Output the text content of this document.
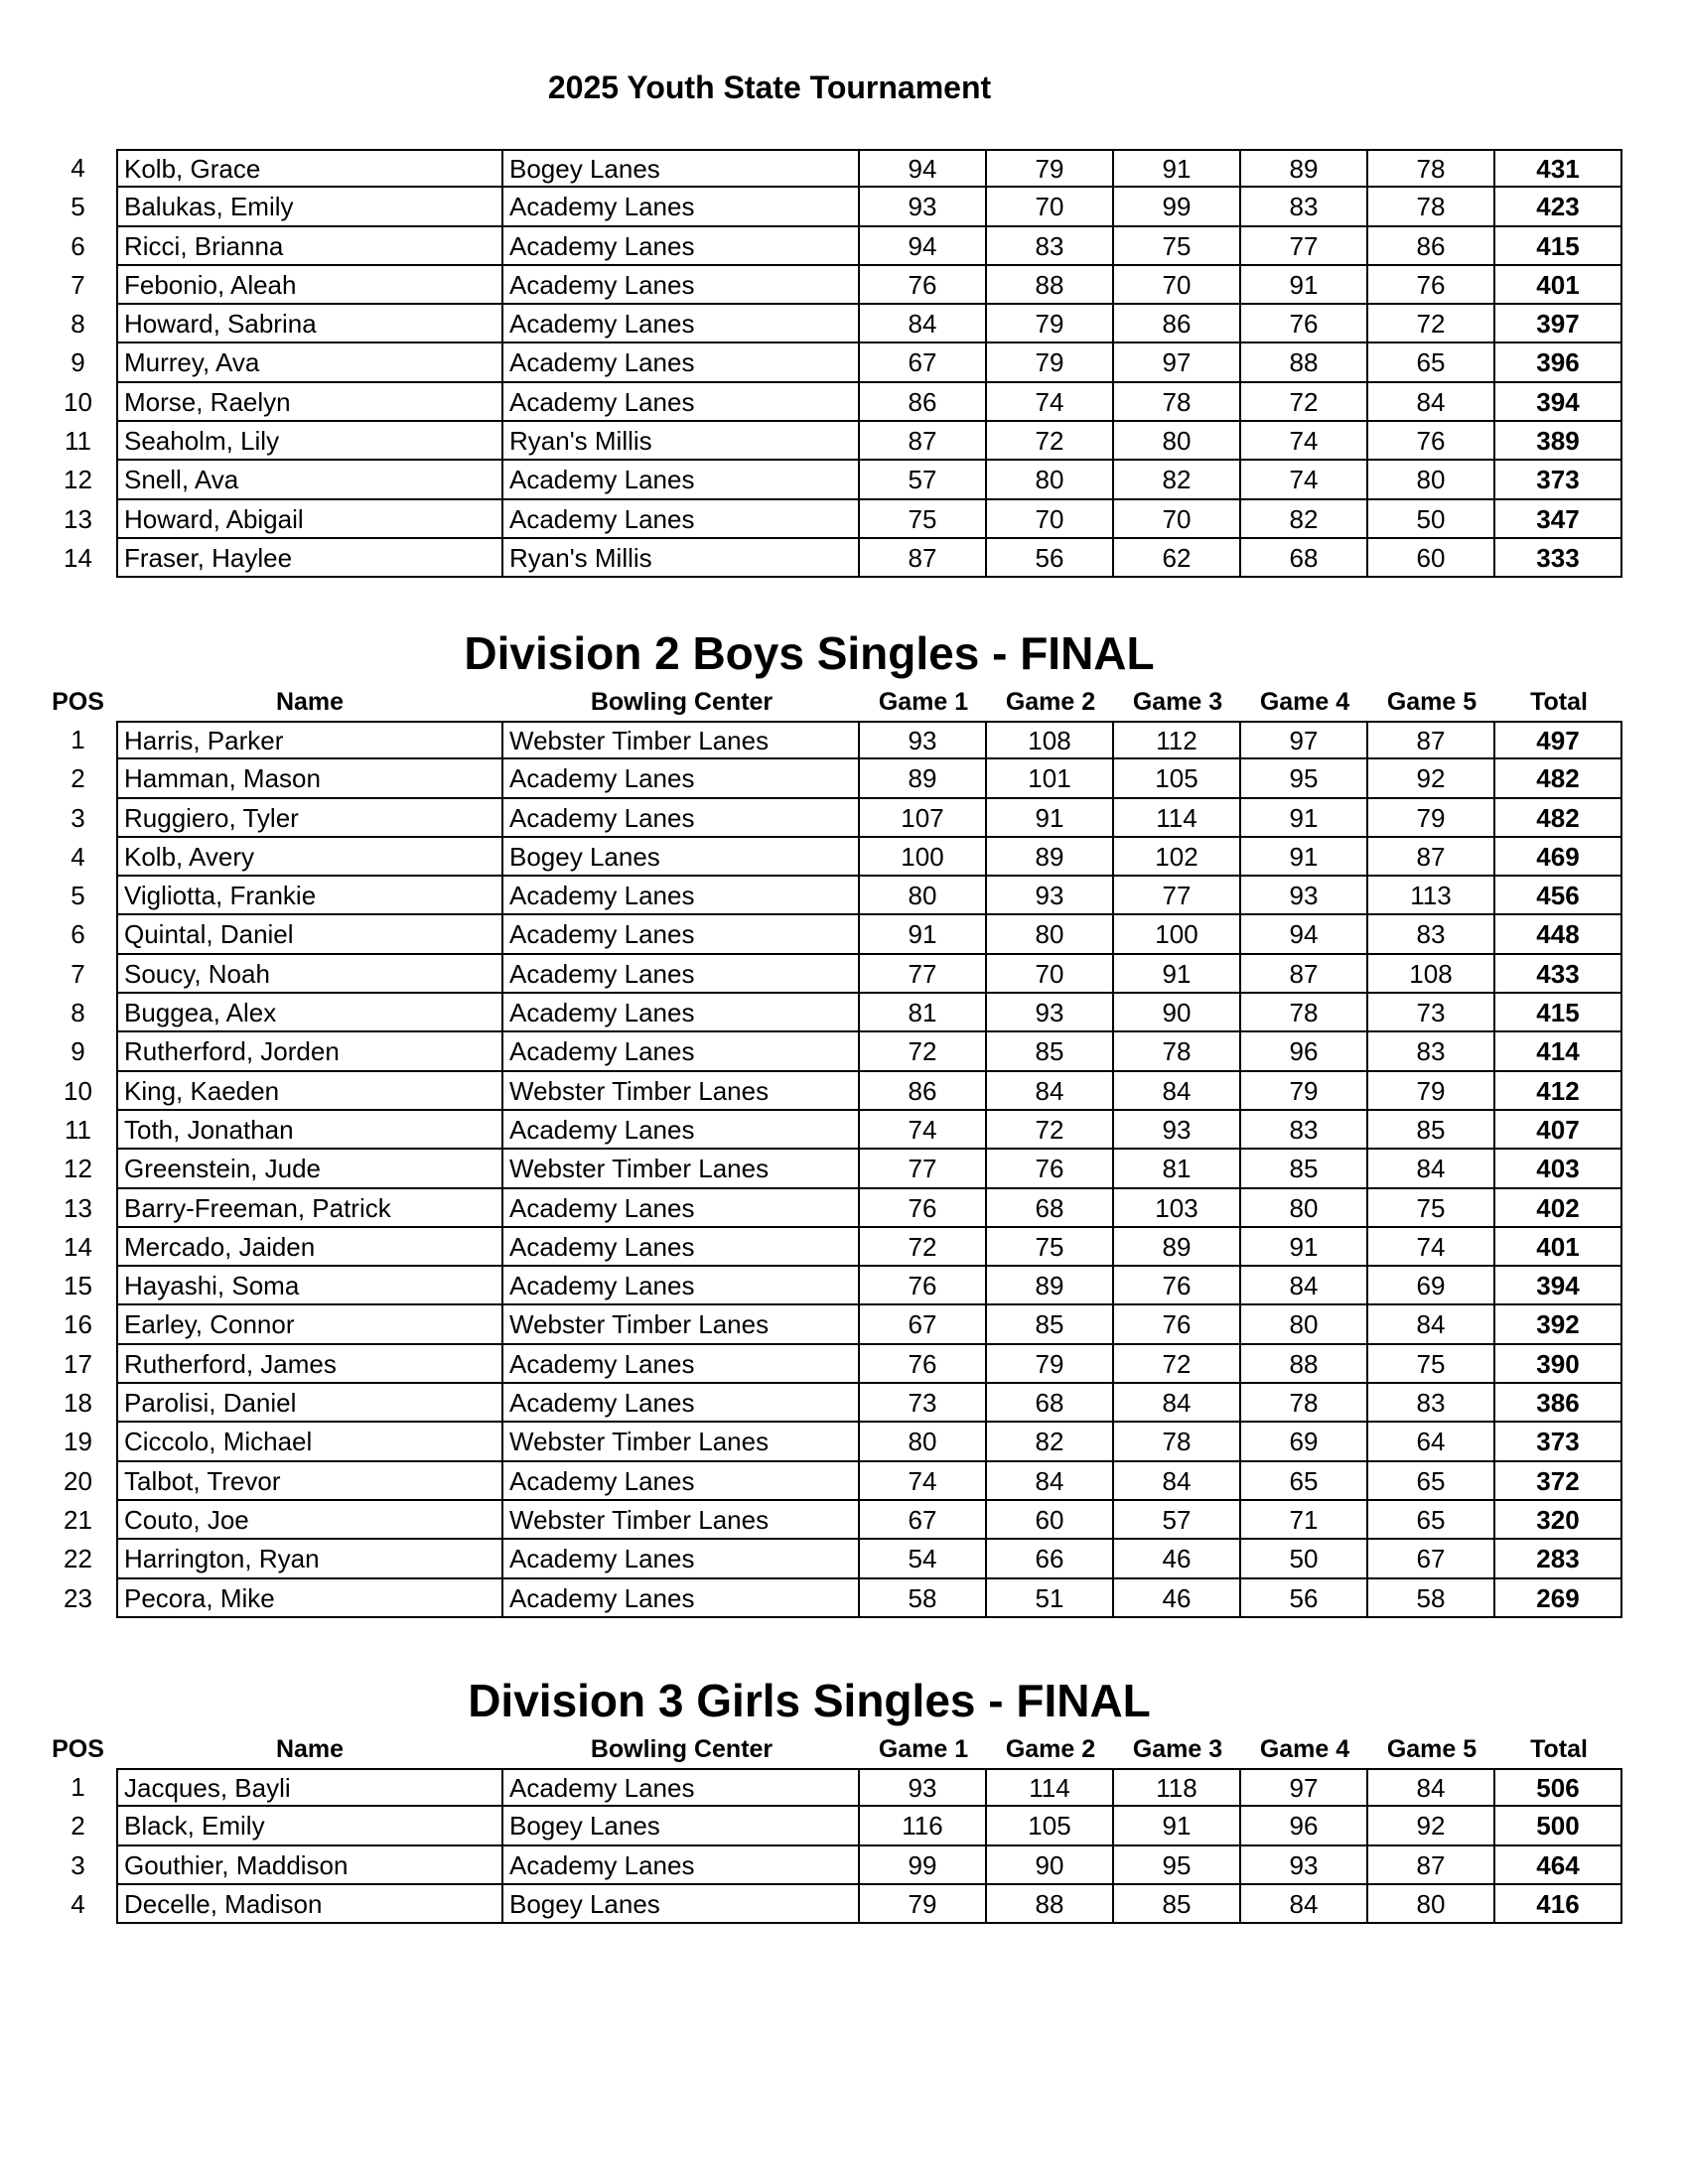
2025 Youth State Tournament
4	Kolb, Grace	Bogey Lanes	94	79	91	89	78	431
5	Balukas, Emily	Academy Lanes	93	70	99	83	78	423
6	Ricci, Brianna	Academy Lanes	94	83	75	77	86	415
7	Febonio, Aleah	Academy Lanes	76	88	70	91	76	401
8	Howard, Sabrina	Academy Lanes	84	79	86	76	72	397
9	Murrey, Ava	Academy Lanes	67	79	97	88	65	396
10	Morse, Raelyn	Academy Lanes	86	74	78	72	84	394
11	Seaholm, Lily	Ryan's Millis	87	72	80	74	76	389
12	Snell, Ava	Academy Lanes	57	80	82	74	80	373
13	Howard, Abigail	Academy Lanes	75	70	70	82	50	347
14	Fraser, Haylee	Ryan's Millis	87	56	62	68	60	333
Division 2 Boys Singles - FINAL
POS	Name	Bowling Center	Game 1	Game 2	Game 3	Game 4	Game 5	Total
1	Harris, Parker	Webster Timber Lanes	93	108	112	97	87	497
2	Hamman, Mason	Academy Lanes	89	101	105	95	92	482
3	Ruggiero, Tyler	Academy Lanes	107	91	114	91	79	482
4	Kolb, Avery	Bogey Lanes	100	89	102	91	87	469
5	Vigliotta, Frankie	Academy Lanes	80	93	77	93	113	456
6	Quintal, Daniel	Academy Lanes	91	80	100	94	83	448
7	Soucy, Noah	Academy Lanes	77	70	91	87	108	433
8	Buggea, Alex	Academy Lanes	81	93	90	78	73	415
9	Rutherford, Jorden	Academy Lanes	72	85	78	96	83	414
10	King, Kaeden	Webster Timber Lanes	86	84	84	79	79	412
11	Toth, Jonathan	Academy Lanes	74	72	93	83	85	407
12	Greenstein, Jude	Webster Timber Lanes	77	76	81	85	84	403
13	Barry-Freeman, Patrick	Academy Lanes	76	68	103	80	75	402
14	Mercado, Jaiden	Academy Lanes	72	75	89	91	74	401
15	Hayashi, Soma	Academy Lanes	76	89	76	84	69	394
16	Earley, Connor	Webster Timber Lanes	67	85	76	80	84	392
17	Rutherford, James	Academy Lanes	76	79	72	88	75	390
18	Parolisi, Daniel	Academy Lanes	73	68	84	78	83	386
19	Ciccolo, Michael	Webster Timber Lanes	80	82	78	69	64	373
20	Talbot, Trevor	Academy Lanes	74	84	84	65	65	372
21	Couto, Joe	Webster Timber Lanes	67	60	57	71	65	320
22	Harrington, Ryan	Academy Lanes	54	66	46	50	67	283
23	Pecora, Mike	Academy Lanes	58	51	46	56	58	269
Division 3 Girls Singles - FINAL
POS	Name	Bowling Center	Game 1	Game 2	Game 3	Game 4	Game 5	Total
1	Jacques, Bayli	Academy Lanes	93	114	118	97	84	506
2	Black, Emily	Bogey Lanes	116	105	91	96	92	500
3	Gouthier, Maddison	Academy Lanes	99	90	95	93	87	464
4	Decelle, Madison	Bogey Lanes	79	88	85	84	80	416
